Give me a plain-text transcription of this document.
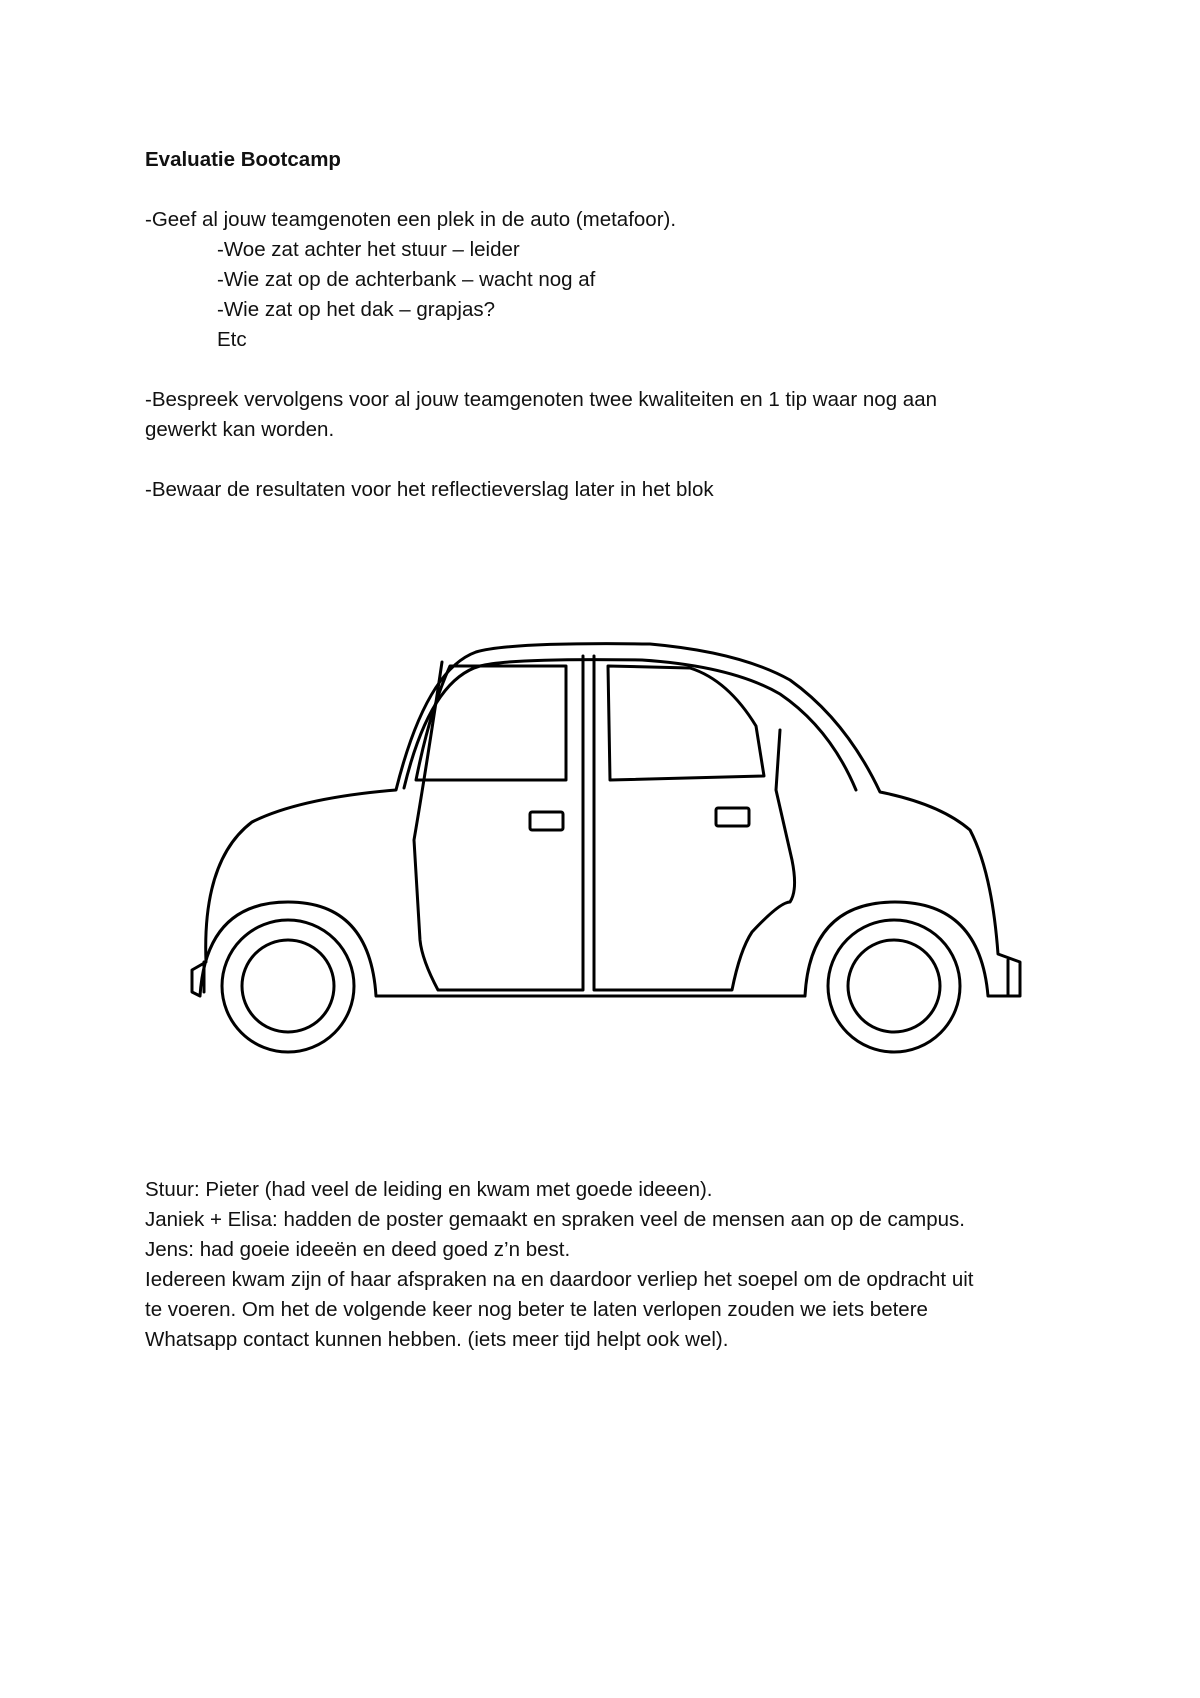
Evaluatie Bootcamp

-Geef al jouw teamgenoten een plek in de auto (metafoor).

-Woe zat achter het stuur – leider

-Wie zat op de achterbank – wacht nog af

-Wie zat op het dak – grapjas?

Etc

-Bespreek vervolgens voor al jouw teamgenoten twee kwaliteiten en 1 tip waar nog aan

gewerkt kan worden.

-Bewaar de resultaten voor het reflectieverslag later in het blok

Stuur: Pieter (had veel de leiding en kwam met goede ideeen).

Janiek + Elisa: hadden de poster gemaakt en spraken veel de mensen aan op de campus.

Jens: had goeie ideeën en deed goed z’n best.

Iedereen kwam zijn of haar afspraken na en daardoor verliep het soepel om de opdracht uit

te voeren. Om het de volgende keer nog beter te laten verlopen zouden we iets betere

Whatsapp contact kunnen hebben. (iets meer tijd helpt ook wel).
